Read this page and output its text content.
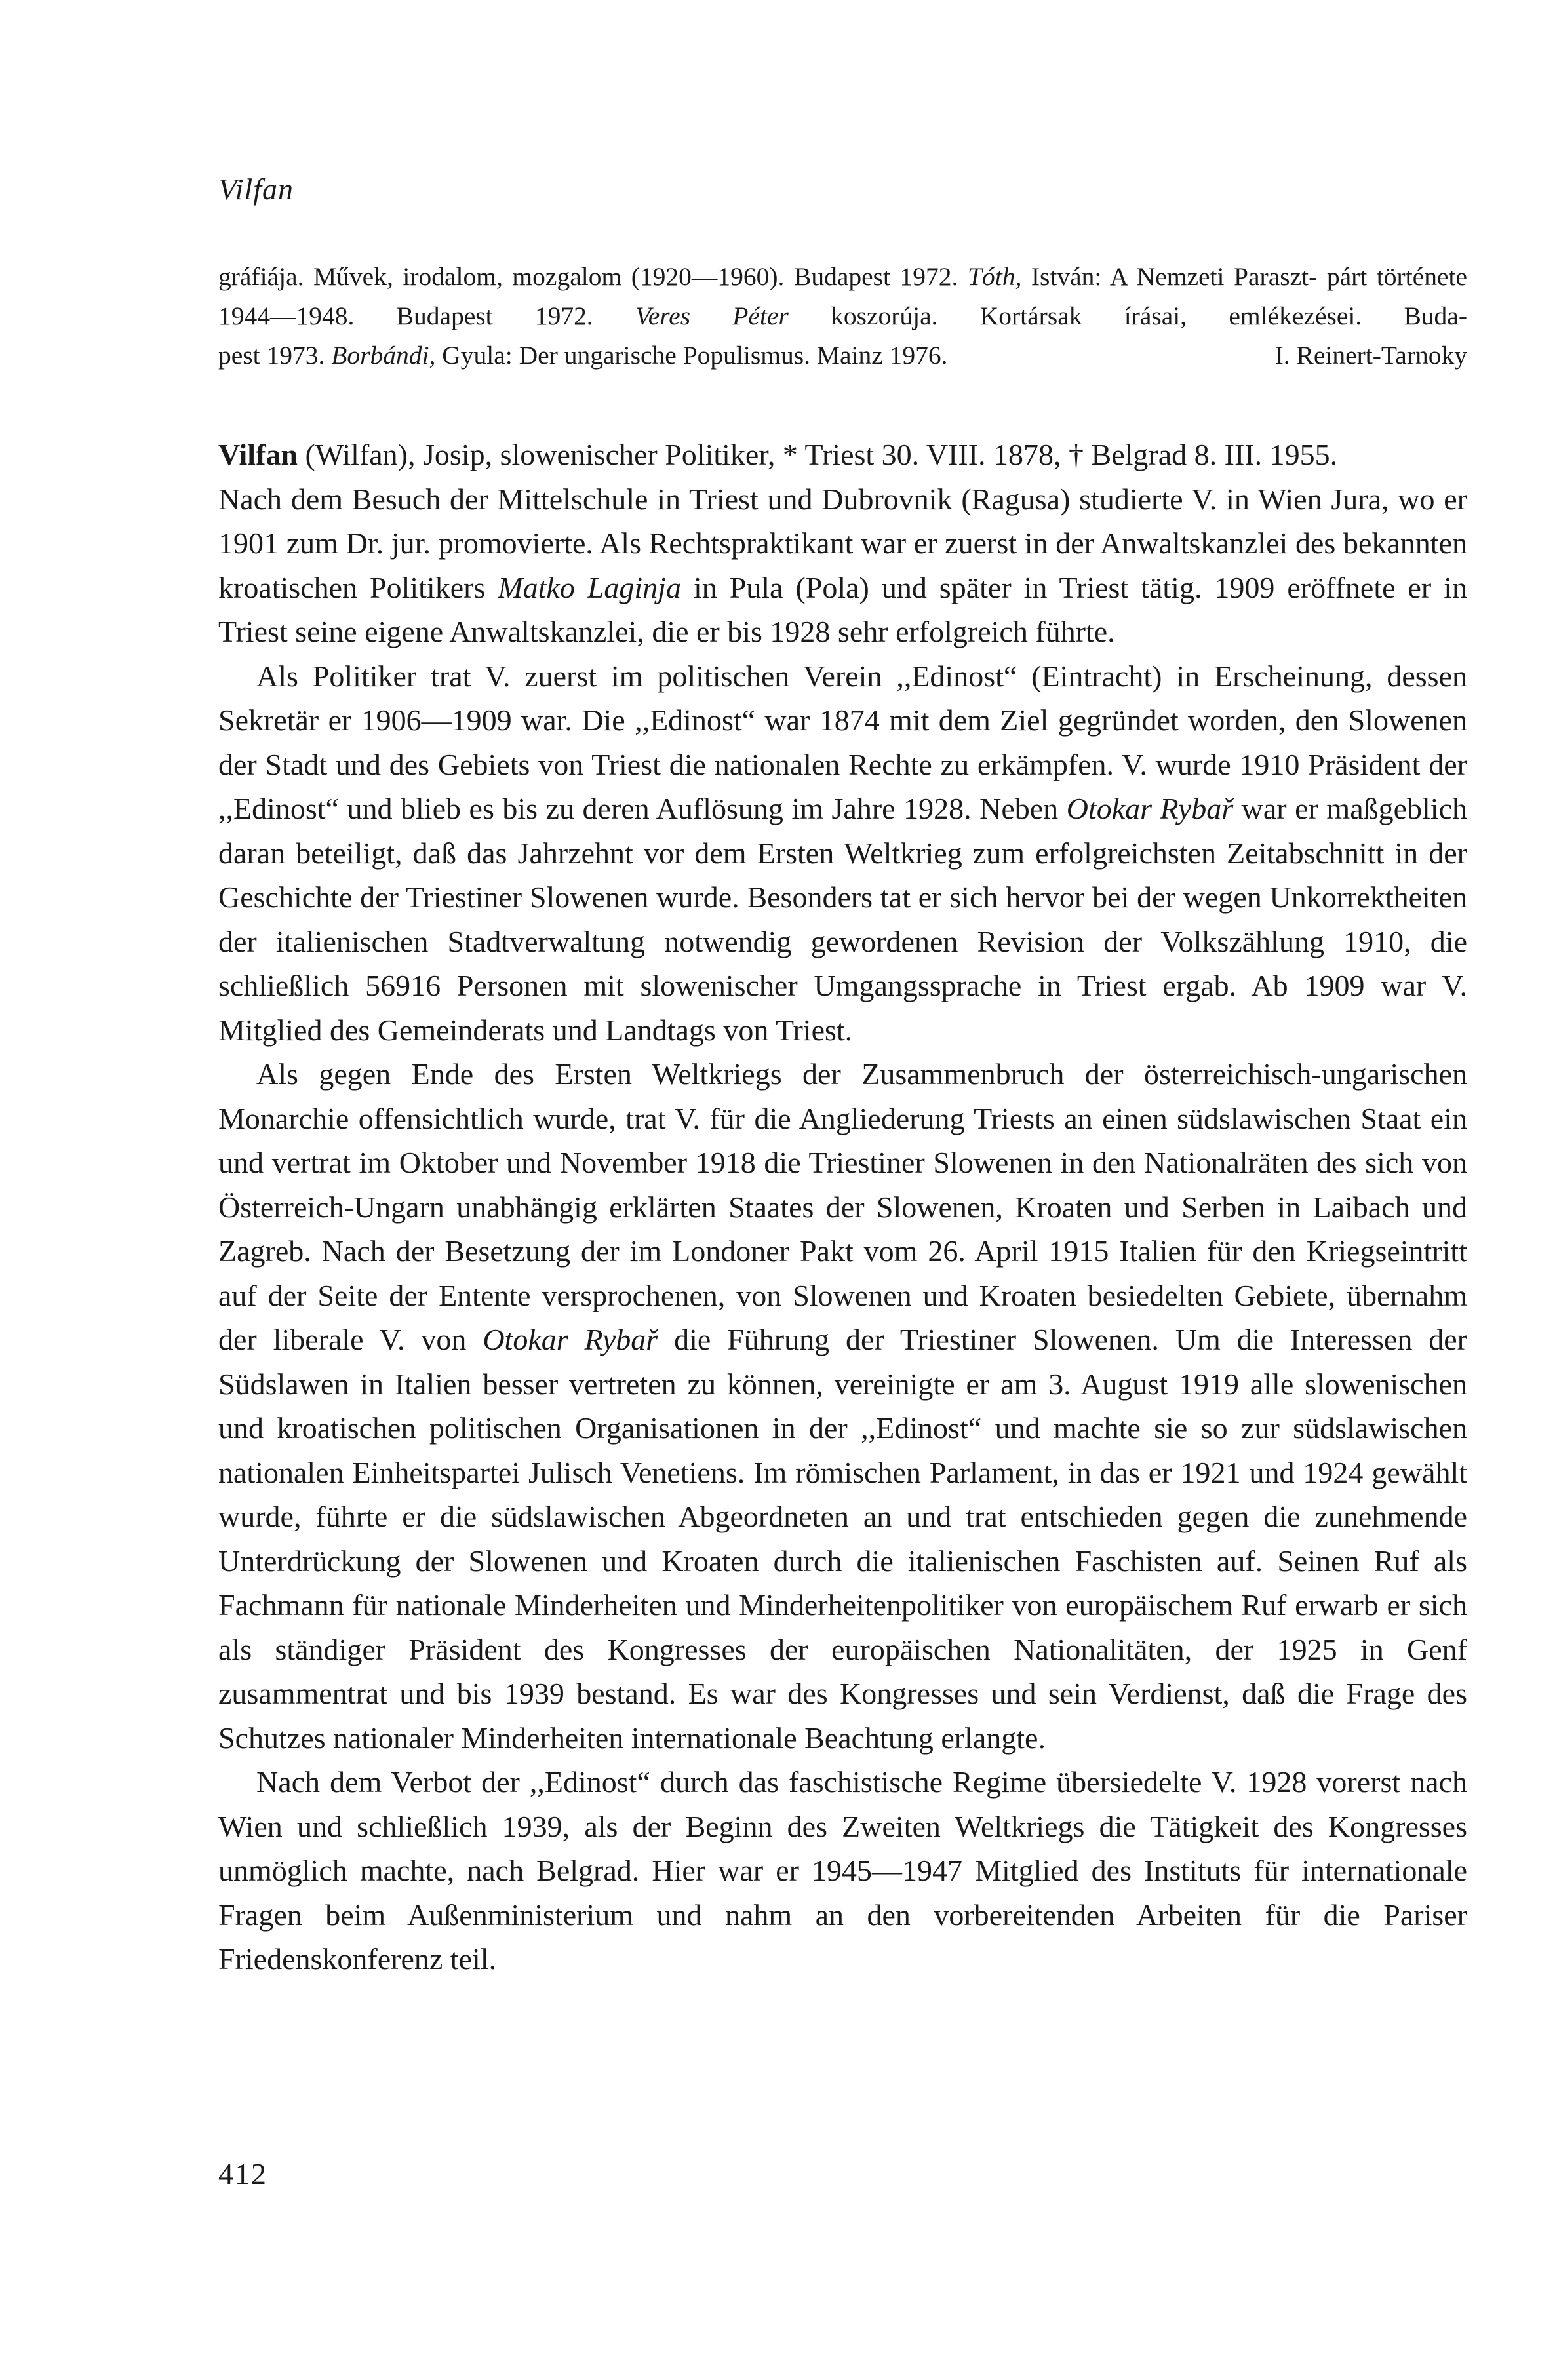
Vilfan
gráfiája. Művek, irodalom, mozgalom (1920—1960). Budapest 1972. Tóth, István: A Nemzeti Paraszt- párt története 1944—1948. Budapest 1972. Veres Péter koszorúja. Kortársak írásai, emlékezései. Buda-
pest 1973. Borbándi, Gyula: Der ungarische Populismus. Mainz 1976.	I. Reinert-Tarnoky

Vilfan (Wilfan), Josip, slowenischer Politiker, * Triest 30. VIII. 1878, † Belgrad 8. III. 1955.

Nach dem Besuch der Mittelschule in Triest und Dubrovnik (Ragusa) studierte V. in Wien Jura, wo er 1901 zum Dr. jur. promovierte. Als Rechtspraktikant war er zuerst in der Anwaltskanzlei des bekannten kroatischen Politikers Matko Laginja in Pula (Pola) und später in Triest tätig. 1909 eröffnete er in Triest seine eigene Anwaltskanzlei, die er bis 1928 sehr erfolgreich führte.

Als Politiker trat V. zuerst im politischen Verein ,,Edinost“ (Eintracht) in Erscheinung, dessen Sekretär er 1906—1909 war. Die ,,Edinost“ war 1874 mit dem Ziel gegründet worden, den Slowenen der Stadt und des Gebiets von Triest die nationalen Rechte zu erkämpfen. V. wurde 1910 Präsident der ,,Edinost“ und blieb es bis zu deren Auflösung im Jahre 1928. Neben Otokar Rybař war er maßgeblich daran beteiligt, daß das Jahrzehnt vor dem Ersten Weltkrieg zum erfolgreichsten Zeitabschnitt in der Geschichte der Triestiner Slowenen wurde. Besonders tat er sich hervor bei der wegen Unkorrektheiten der italienischen Stadtverwaltung notwendig gewordenen Revision der Volkszählung 1910, die schließlich 56916 Personen mit slowenischer Umgangssprache in Triest ergab. Ab 1909 war V. Mitglied des Gemeinderats und Landtags von Triest.

Als gegen Ende des Ersten Weltkriegs der Zusammenbruch der österreichisch-ungarischen Monarchie offensichtlich wurde, trat V. für die Angliederung Triests an einen südslawischen Staat ein und vertrat im Oktober und November 1918 die Triestiner Slowenen in den Nationalräten des sich von Österreich-Ungarn unabhängig erklärten Staates der Slowenen, Kroaten und Serben in Laibach und Zagreb. Nach der Besetzung der im Londoner Pakt vom 26. April 1915 Italien für den Kriegseintritt auf der Seite der Entente versprochenen, von Slowenen und Kroaten besiedelten Gebiete, übernahm der liberale V. von Otokar Rybař die Führung der Triestiner Slowenen. Um die Interessen der Südslawen in Italien besser vertreten zu können, vereinigte er am 3. August 1919 alle slowenischen und kroatischen politischen Organisationen in der ,,Edinost“ und machte sie so zur südslawischen nationalen Einheitspartei Julisch Venetiens. Im römischen Parlament, in das er 1921 und 1924 gewählt wurde, führte er die südslawischen Abgeordneten an und trat entschieden gegen die zunehmende Unterdrückung der Slowenen und Kroaten durch die italienischen Faschisten auf. Seinen Ruf als Fachmann für nationale Minderheiten und Minderheitenpolitiker von europäischem Ruf erwarb er sich als ständiger Präsident des Kongresses der europäischen Nationalitäten, der 1925 in Genf zusammentrat und bis 1939 bestand. Es war des Kongresses und sein Verdienst, daß die Frage des Schutzes nationaler Minderheiten internationale Beachtung erlangte.

Nach dem Verbot der ,,Edinost“ durch das faschistische Regime übersiedelte V. 1928 vorerst nach Wien und schließlich 1939, als der Beginn des Zweiten Weltkriegs die Tätigkeit des Kongresses unmöglich machte, nach Belgrad. Hier war er 1945—1947 Mitglied des Instituts für internationale Fragen beim Außenministerium und nahm an den vorbereitenden Arbeiten für die Pariser Friedenskonferenz teil.

412
